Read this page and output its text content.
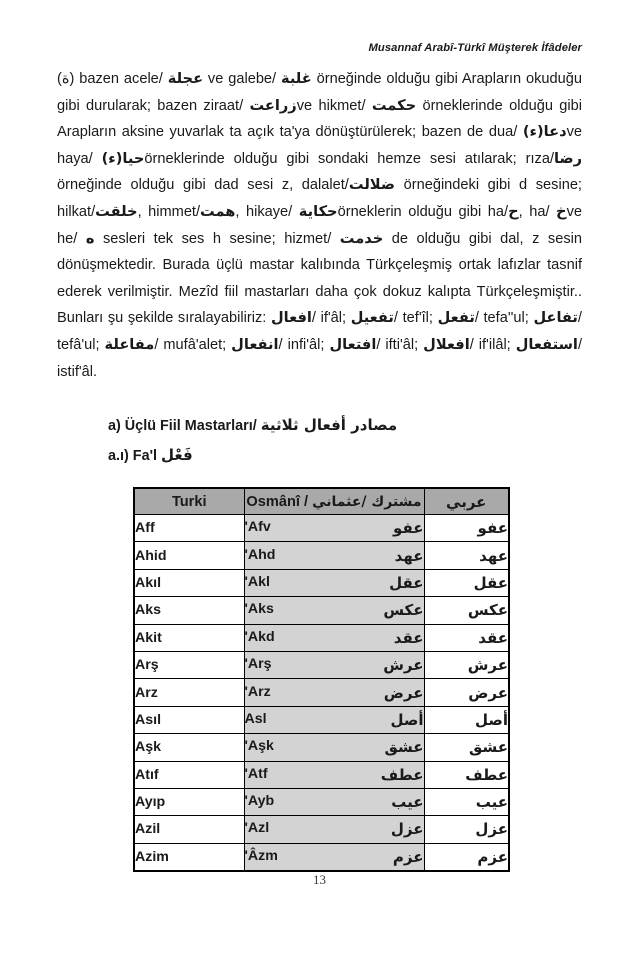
Musannaf Arabî-Türkî Müşterek İfâdeler

(ة) bazen acele/ عجلة ve galebe/ غلبة örneğinde olduğu gibi Arapların okuduğu gibi durularak; bazen ziraat/ زراعتve hikmet/ حكمت örneklerinde olduğu gibi Arapların aksine yuvarlak ta açık ta'ya dönüştürülerek; bazen de dua/ دعا(ء)ve haya/ حيا(ء)örneklerinde olduğu gibi sondaki hemze sesi atılarak; rıza/رضا örneğinde olduğu gibi dad sesi z, dalalet/ضلالت örneğindeki gibi d sesine; hilkat/خلقت, himmet/همت, hikaye/ حكايةörneklerin olduğu gibi ha/ح, ha/ خve he/ ه sesleri tek ses h sesine; hizmet/ خدمت de olduğu gibi dal, z sesin dönüşmektedir. Burada üçlü mastar kalıbında Türkçeleşmiş ortak lafızlar tasnif ederek verilmiştir. Mezîd fiil mastarları daha çok dokuz kalıpta Türkçeleşmiştir.. Bunları şu şekilde sıralayabiliriz: افعال/ if'âl; تفعيل/ tef'îl; تفعل/ tefa''ul; تفاعل/ tefâ'ul; مفاعلة/ mufâ'alet; انفعال/ infi'âl; افتعال/ ifti'âl; افعلال/ if'ilâl; استفعال/ istif'âl.

a) Üçlü Fiil Mastarları/ مصادر أفعال ثلاثية
a.ı) Fa'l فَعْل
Turki	Osmânî / مشترك /عثماني	عربي
Aff	'Afv عفو	عفو
Ahid	'Ahd عهد	عهد
Akıl	'Akl عقل	عقل
Aks	'Aks عكس	عكس
Akit	'Akd عقد	عقد
Arş	'Arş عرش	عرش
Arz	'Arz عرض	عرض
Asıl	Asl أصل	أصل
Aşk	'Aşk عشق	عشق
Atıf	'Atf عطف	عطف
Ayıp	'Ayb عيب	عيب
Azil	'Azl عزل	عزل
Azim	'Âzm عزم	عزم
13
